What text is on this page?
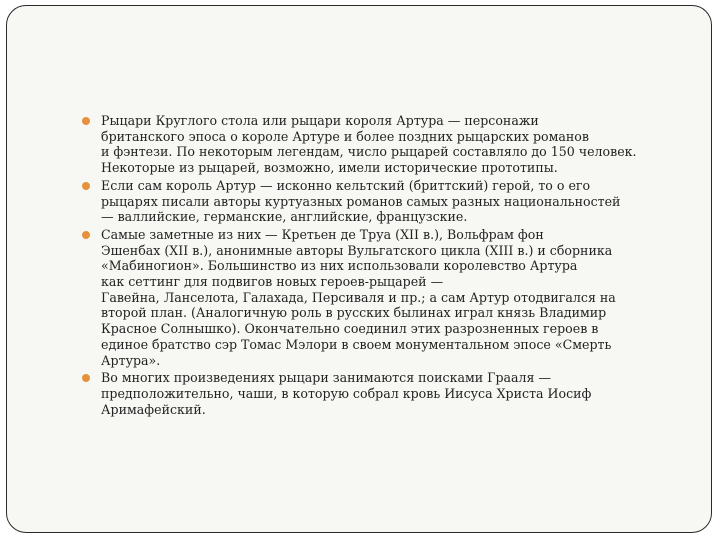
Рыцари Круглого стола или рыцари короля Артура — персонажи
британского эпоса о короле Артуре и более поздних рыцарских романов
и фэнтези. По некоторым легендам, число рыцарей составляло до 150 человек.
Некоторые из рыцарей, возможно, имели исторические прототипы.
Если сам король Артур — исконно кельтский (бриттский) герой, то о его
рыцарях писали авторы куртуазных романов самых разных национальностей
— валлийские, германские, английские, французские.
Самые заметные из них — Кретьен де Труа (XII в.), Вольфрам фон
Эшенбах (XII в.), анонимные авторы Вульгатского цикла (XIII в.) и сборника
«Мабиногион». Большинство из них использовали королевство Артура
как сеттинг для подвигов новых героев-рыцарей —
Гавейна, Ланселота, Галахада, Персиваля и пр.; а сам Артур отодвигался на
второй план. (Аналогичную роль в русских былинах играл князь Владимир
Красное Солнышко). Окончательно соединил этих разрозненных героев в
единое братство сэр Томас Мэлори в своем монументальном эпосе «Смерть
Артура».
Во многих произведениях рыцари занимаются поисками Грааля —
предположительно, чаши, в которую собрал кровь Иисуса Христа Иосиф
Аримафейский.
